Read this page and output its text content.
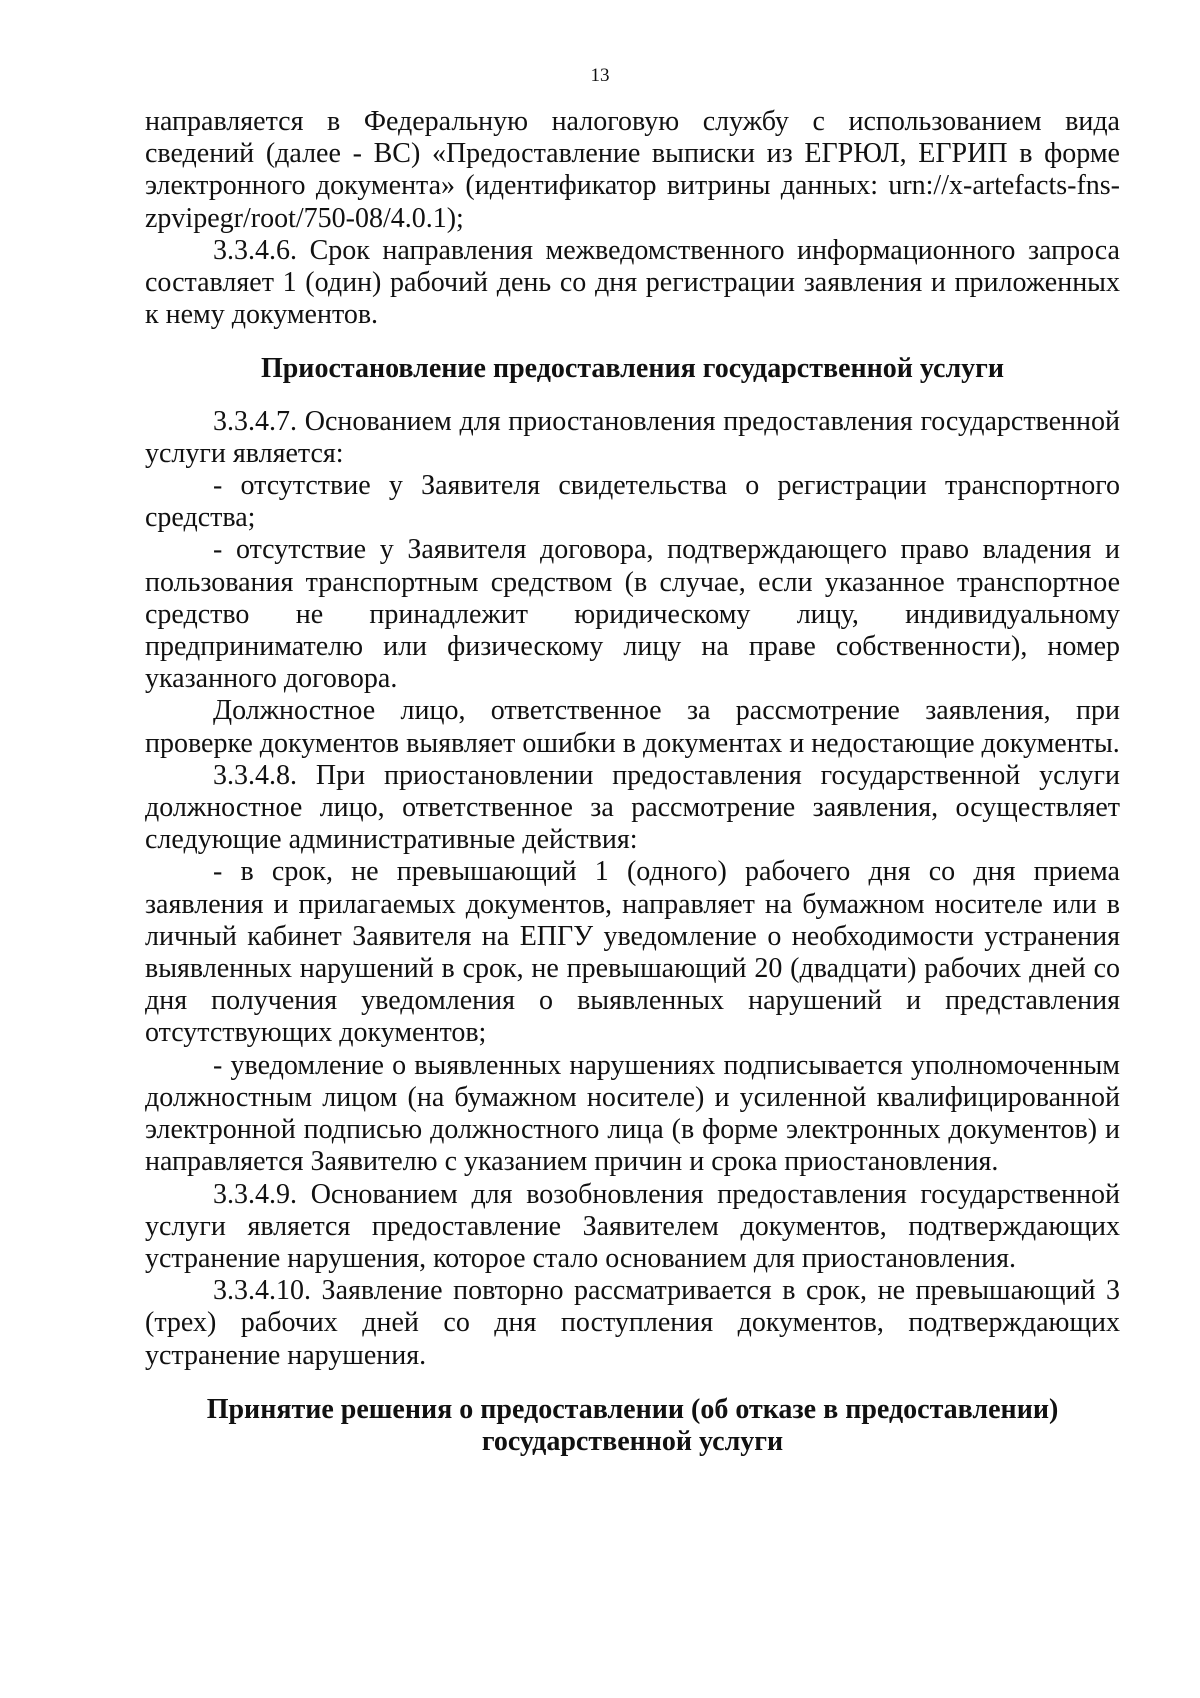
13

направляется в Федеральную налоговую службу с использованием вида сведений (далее - ВС) «Предоставление выписки из ЕГРЮЛ, ЕГРИП в форме электронного документа» (идентификатор витрины данных: urn://x-artefacts-fns-zpvipegr/root/750-08/4.0.1);

3.3.4.6. Срок направления межведомственного информационного запроса составляет 1 (один) рабочий день со дня регистрации заявления и приложенных к нему документов.

Приостановление предоставления государственной услуги

3.3.4.7. Основанием для приостановления предоставления государственной услуги является:

- отсутствие у Заявителя свидетельства о регистрации транспортного средства;

- отсутствие у Заявителя договора, подтверждающего право владения и пользования транспортным средством (в случае, если указанное транспортное средство не принадлежит юридическому лицу, индивидуальному предпринимателю или физическому лицу на праве собственности), номер указанного договора.

Должностное лицо, ответственное за рассмотрение заявления, при проверке документов выявляет ошибки в документах и недостающие документы.

3.3.4.8. При приостановлении предоставления государственной услуги должностное лицо, ответственное за рассмотрение заявления, осуществляет следующие административные действия:

- в срок, не превышающий 1 (одного) рабочего дня со дня приема заявления и прилагаемых документов, направляет на бумажном носителе или в личный кабинет Заявителя на ЕПГУ уведомление о необходимости устранения выявленных нарушений в срок, не превышающий 20 (двадцати) рабочих дней со дня получения уведомления о выявленных нарушений и представления отсутствующих документов;

- уведомление о выявленных нарушениях подписывается уполномоченным должностным лицом (на бумажном носителе) и усиленной квалифицированной электронной подписью должностного лица (в форме электронных документов) и направляется Заявителю с указанием причин и срока приостановления.

3.3.4.9. Основанием для возобновления предоставления государственной услуги является предоставление Заявителем документов, подтверждающих устранение нарушения, которое стало основанием для приостановления.

3.3.4.10. Заявление повторно рассматривается в срок, не превышающий 3 (трех) рабочих дней со дня поступления документов, подтверждающих устранение нарушения.

Принятие решения о предоставлении (об отказе в предоставлении)
государственной услуги
